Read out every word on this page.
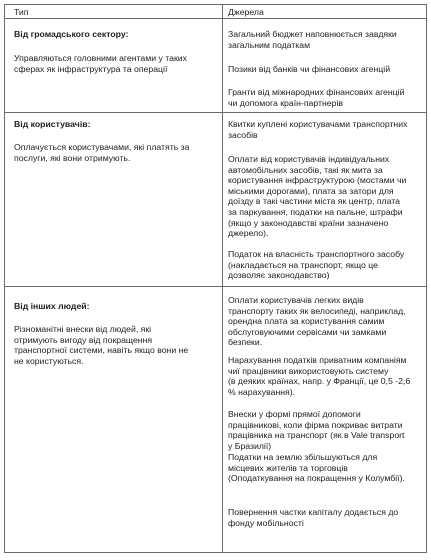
Тип	Джерела
Від громадського сектору:
Управляються головними агентами у таких
сферах як інфраструктура та операції
Загальний бюджет наповнюється завдяки
загальним податкам
Позики від банків чи фінансових агенцій
Гранти від міжнародних фінансових агенцій
чи допомога країн-партнерів
Від користувачів:
Оплачується користувачами, які платять за
послуги, які вони отримують.
Квитки куплені користувачами транспортних
засобів
Оплати від користувачів індивідуальних
автомобільних засобів, такі як мита за
користування інфраструктурою (мостами чи
міськими дорогами), плата за затори для
доїзду в такі частини міста як центр, плата
за паркування, податки на пальне, штрафи
(якщо у законодавстві країни зазначено
джерело).
Податок на власність транспортного засобу
(накладається на транспорт, якщо це
дозволяє законодавство)
Від інших людей:
Різноманітні внески від людей, які
отримують вигоду від покращення
транспортної системи, навіть якщо вони не
не користуються.
Оплати користувачів легких видів
транспорту таких як велосипеді, наприклад,
орендна плата за користування самим
обслуговуючими сервісами чи замками
безпеки.
Нарахування податків приватним компаніям
чиї працівники використовують систему
(в деяких країнах, напр. у Франції, це 0,5 -2,6
% нарахування).
Внески у формі прямої допомоги
працівникові, коли фірма покриває витрати
працівника на транспорт (як в Vale transport
у Бразилії)
Податки на землю збільшуються для
місцевих жителів та торговців
(Оподаткування на покращення у Колумбії).
Повернення частки капіталу додається до
фонду мобільності
